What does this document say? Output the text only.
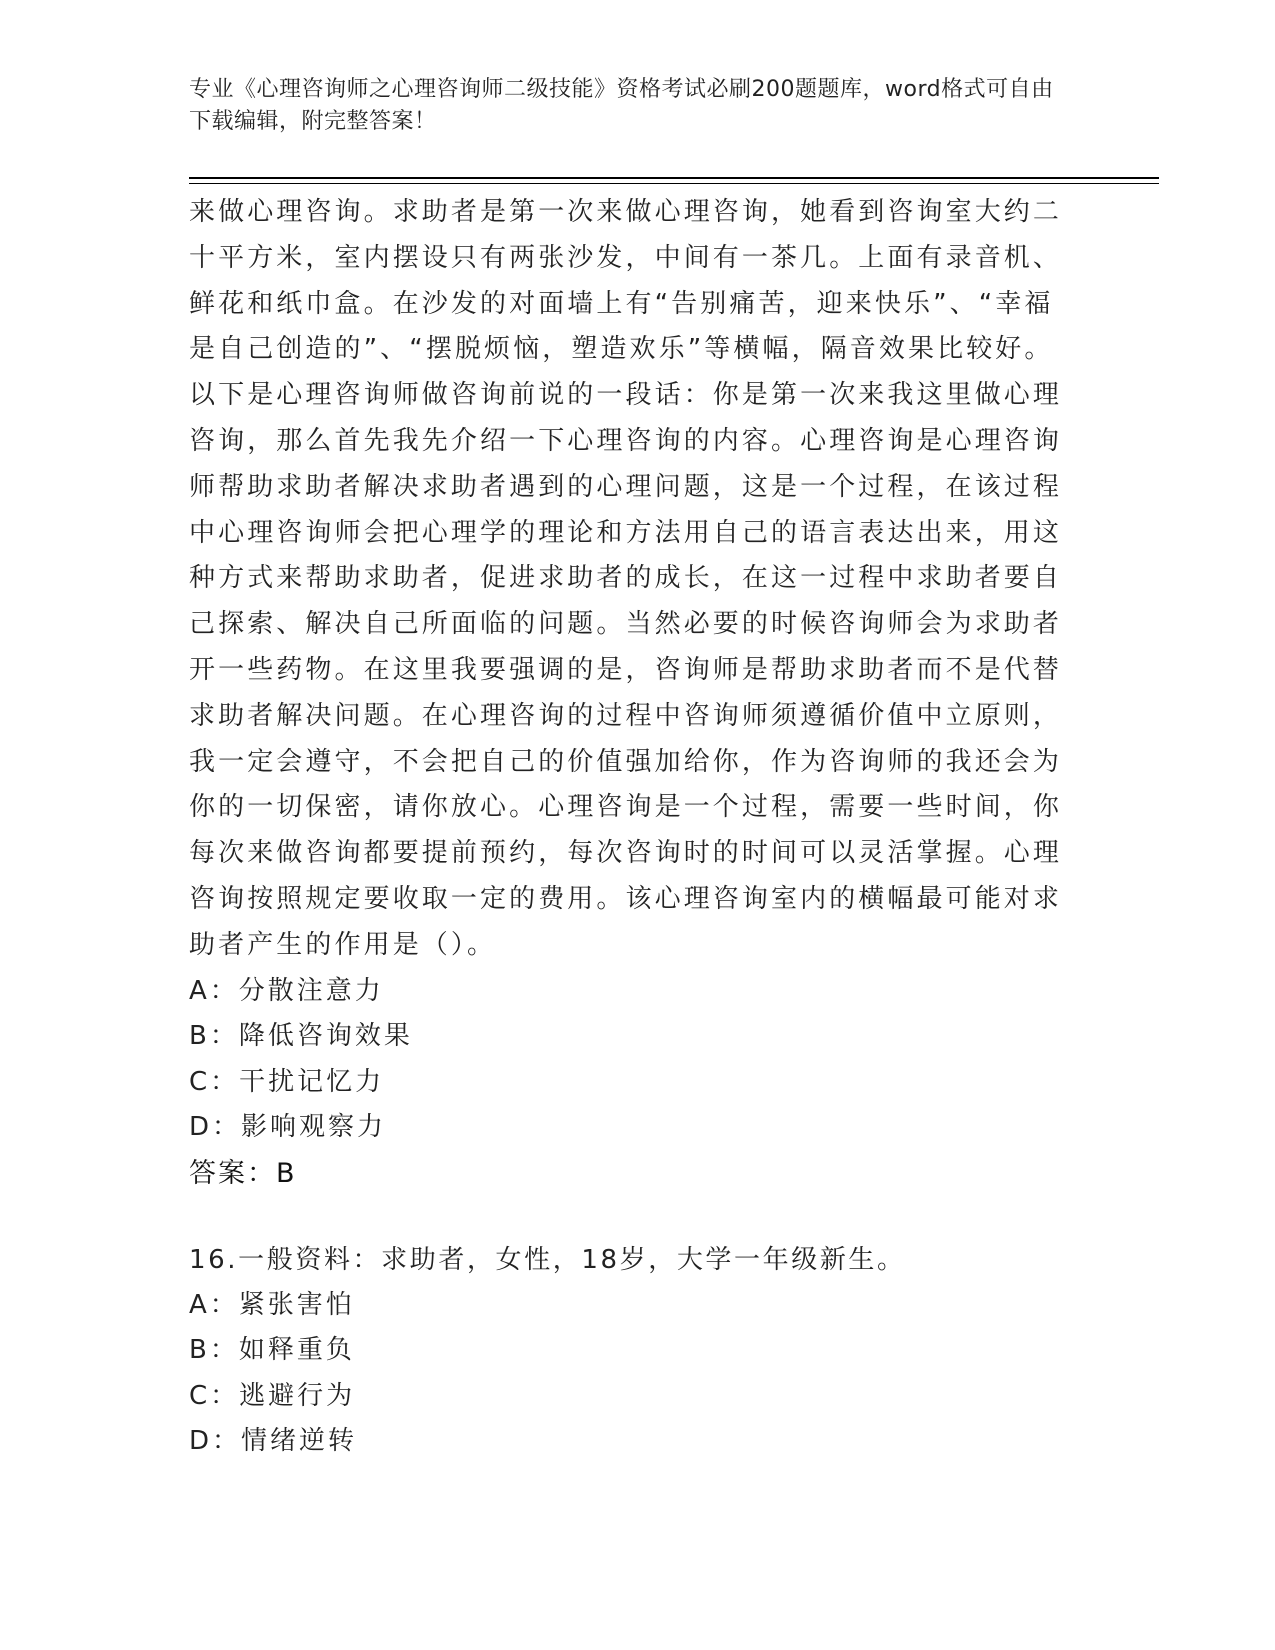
专业《心理咨询师之心理咨询师二级技能》资格考试必刷200题题库，word格式可自由下载编辑，附完整答案！

来做心理咨询。求助者是第一次来做心理咨询，她看到咨询室大约二十平方米，室内摆设只有两张沙发，中间有一茶几。上面有录音机、鲜花和纸巾盒。在沙发的对面墙上有“告别痛苦，迎来快乐”、“幸福是自己创造的”、“摆脱烦恼，塑造欢乐”等横幅，隔音效果比较好。以下是心理咨询师做咨询前说的一段话：你是第一次来我这里做心理咨询，那么首先我先介绍一下心理咨询的内容。心理咨询是心理咨询师帮助求助者解决求助者遇到的心理问题，这是一个过程，在该过程中心理咨询师会把心理学的理论和方法用自己的语言表达出来，用这种方式来帮助求助者，促进求助者的成长，在这一过程中求助者要自己探索、解决自己所面临的问题。当然必要的时候咨询师会为求助者开一些药物。在这里我要强调的是，咨询师是帮助求助者而不是代替求助者解决问题。在心理咨询的过程中咨询师须遵循价值中立原则，我一定会遵守，不会把自己的价值强加给你，作为咨询师的我还会为你的一切保密，请你放心。心理咨询是一个过程，需要一些时间，你每次来做咨询都要提前预约，每次咨询时的时间可以灵活掌握。心理咨询按照规定要收取一定的费用。该心理咨询室内的横幅最可能对求助者产生的作用是（）。

A：分散注意力

B：降低咨询效果

C：干扰记忆力

D：影响观察力

答案：B

16.一般资料：求助者，女性，18岁，大学一年级新生。

A：紧张害怕

B：如释重负

C：逃避行为

D：情绪逆转
